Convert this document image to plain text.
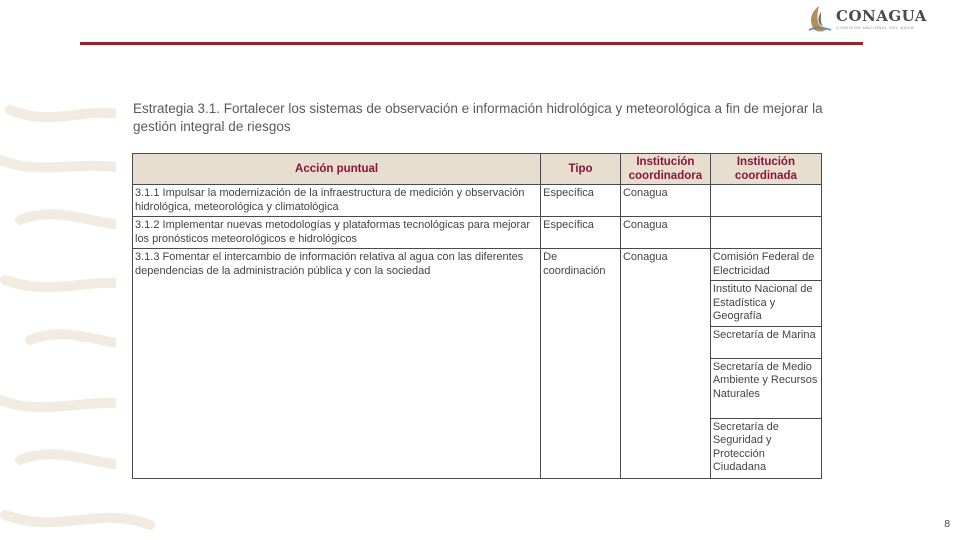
CONAGUA
COMISIÓN NACIONAL DEL AGUA
Estrategia 3.1. Fortalecer los sistemas de observación e información hidrológica y meteorológica a fin de mejorar la gestión integral de riesgos
Acción puntual	Tipo	Institución coordinadora	Institución coordinada
3.1.1 Impulsar la modernización de la infraestructura de medición y observación hidrológica, meteorológica y climatológica	Específica	Conagua	
3.1.2 Implementar nuevas metodologías y plataformas tecnológicas para mejorar los pronósticos meteorológicos e hidrológicos	Específica	Conagua	
3.1.3 Fomentar el intercambio de información relativa al agua con las diferentes dependencias de la administración pública y con la sociedad	De coordinación	Conagua	Comisión Federal de Electricidad
			Instituto Nacional de Estadística y Geografía
			Secretaría de Marina
			Secretaría de Medio Ambiente y Recursos Naturales
			Secretaría de Seguridad y Protección Ciudadana
8
